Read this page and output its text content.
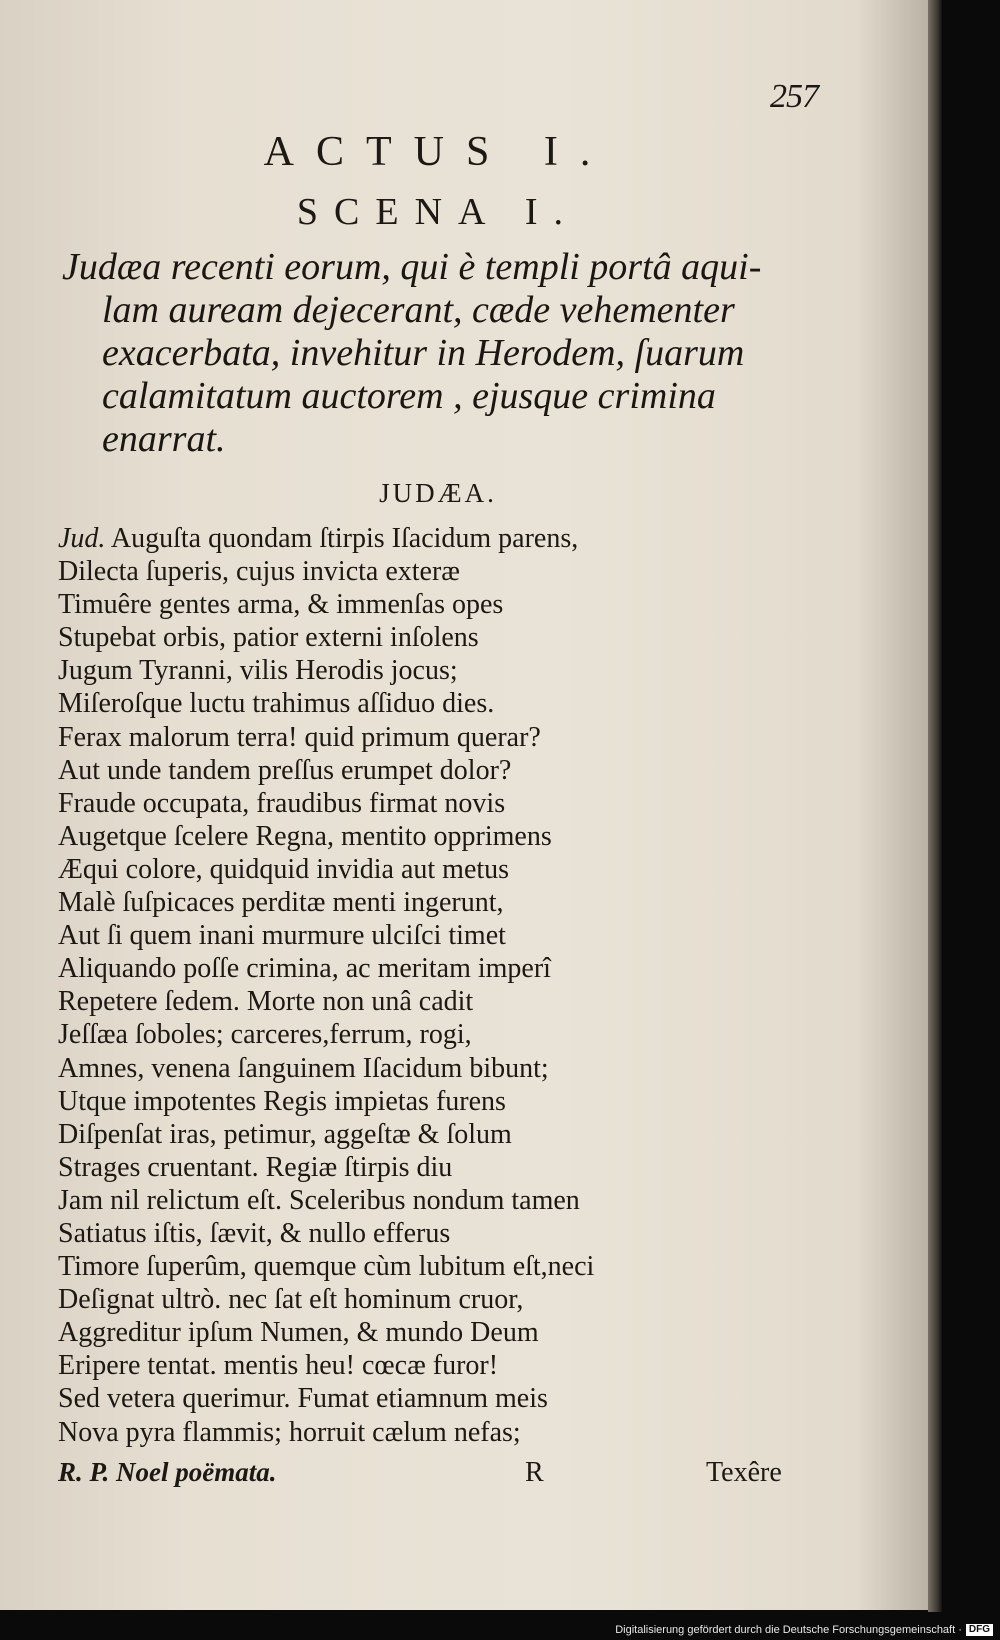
257
ACTUS I.
SCENA I.
Judæa recenti eorum, qui è templi portâ aqui-
lam auream dejecerant, cæde vehementer
exacerbata, invehitur in Herodem, ſuarum
calamitatum auctorem , ejusque crimina
enarrat.
JUDÆA.
Jud. Auguſta quondam ſtirpis Iſacidum parens,
Dilecta ſuperis, cujus invicta exteræ
Timuêre gentes arma, & immenſas opes
Stupebat orbis, patior externi inſolens
Jugum Tyranni, vilis Herodis jocus;
Miſeroſque luctu trahimus aſſiduo dies.
Ferax malorum terra! quid primum querar?
Aut unde tandem preſſus erumpet dolor?
Fraude occupata, fraudibus firmat novis
Augetque ſcelere Regna, mentito opprimens
Æqui colore, quidquid invidia aut metus
Malè ſuſpicaces perditæ menti ingerunt,
Aut ſi quem inani murmure ulciſci timet
Aliquando poſſe crimina, ac meritam imperî
Repetere ſedem. Morte non unâ cadit
Jeſſæa ſoboles; carceres,ferrum, rogi,
Amnes, venena ſanguinem Iſacidum bibunt;
Utque impotentes Regis impietas furens
Diſpenſat iras, petimur, aggeſtæ & ſolum
Strages cruentant. Regiæ ſtirpis diu
Jam nil relictum eſt. Sceleribus nondum tamen
Satiatus iſtis, ſævit, & nullo efferus
Timore ſuperûm, quemque cùm lubitum eſt,neci
Deſignat ultrò. nec ſat eſt hominum cruor,
Aggreditur ipſum Numen, & mundo Deum
Eripere tentat. mentis heu! cœcæ furor!
Sed vetera querimur. Fumat etiamnum meis
Nova pyra flammis; horruit cælum nefas;
R. P. Noel poëmata.	R	Texêre
Digitalisierung gefördert durch die Deutsche Forschungsgemeinschaft · DFG
